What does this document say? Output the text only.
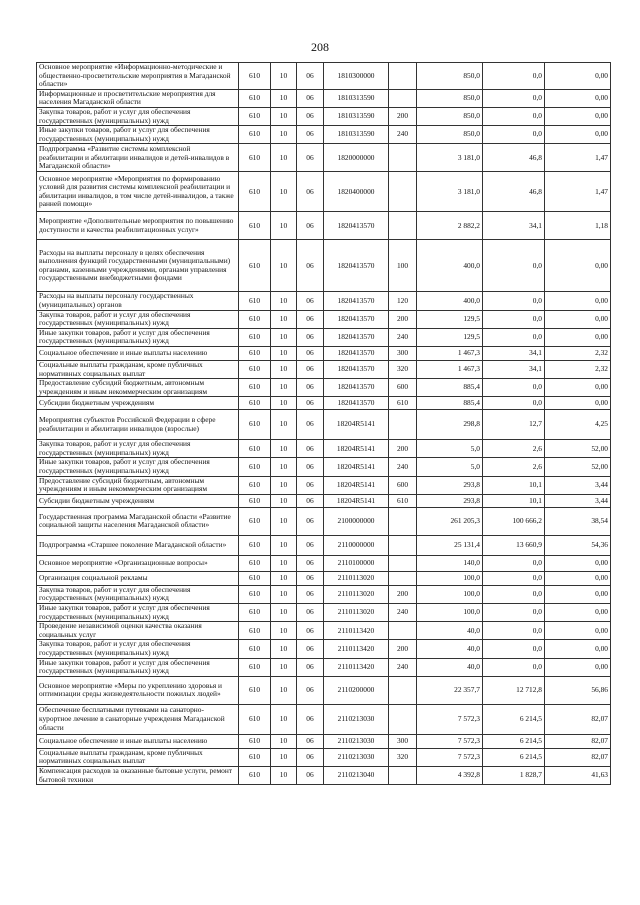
208
Основное мероприятие «Информационно-методические и общественно-просветительские мероприятия в Магаданской области»	610	10	06	1810300000		850,0	0,0	0,00
Информационные и просветительские мероприятия для населения Магаданской области	610	10	06	1810313590		850,0	0,0	0,00
Закупка товаров, работ и услуг для обеспечения государственных (муниципальных) нужд	610	10	06	1810313590	200	850,0	0,0	0,00
Иные закупки товаров, работ и услуг для обеспечения государственных (муниципальных) нужд	610	10	06	1810313590	240	850,0	0,0	0,00
Подпрограмма «Развитие системы комплексной реабилитации и абилитации инвалидов и детей-инвалидов в Магаданской области»	610	10	06	1820000000		3 181,0	46,8	1,47
Основное мероприятие «Мероприятия по формированию условий для развития системы комплексной реабилитации и абилитации инвалидов, в том числе детей-инвалидов, а также ранней помощи»	610	10	06	1820400000		3 181,0	46,8	1,47
Мероприятие «Дополнительные мероприятия по повышению доступности и качества реабилитационных услуг»	610	10	06	1820413570		2 882,2	34,1	1,18
Расходы на выплаты персоналу в целях обеспечения выполнения функций государственными (муниципальными) органами, казенными учреждениями, органами управления государственными внебюджетными фондами	610	10	06	1820413570	100	400,0	0,0	0,00
Расходы на выплаты персоналу государственных (муниципальных) органов	610	10	06	1820413570	120	400,0	0,0	0,00
Закупка товаров, работ и услуг для обеспечения государственных (муниципальных) нужд	610	10	06	1820413570	200	129,5	0,0	0,00
Иные закупки товаров, работ и услуг для обеспечения государственных (муниципальных) нужд	610	10	06	1820413570	240	129,5	0,0	0,00
Социальное обеспечение и иные выплаты населению	610	10	06	1820413570	300	1 467,3	34,1	2,32
Социальные выплаты гражданам, кроме публичных нормативных социальных выплат	610	10	06	1820413570	320	1 467,3	34,1	2,32
Предоставление субсидий бюджетным, автономным учреждениям и иным некоммерческим организациям	610	10	06	1820413570	600	885,4	0,0	0,00
Субсидии бюджетным учреждениям	610	10	06	1820413570	610	885,4	0,0	0,00
Мероприятия субъектов Российской Федерации в сфере реабилитации и абилитации инвалидов (взрослые)	610	10	06	18204R5141		298,8	12,7	4,25
Закупка товаров, работ и услуг для обеспечения государственных (муниципальных) нужд	610	10	06	18204R5141	200	5,0	2,6	52,00
Иные закупки товаров, работ и услуг для обеспечения государственных (муниципальных) нужд	610	10	06	18204R5141	240	5,0	2,6	52,00
Предоставление субсидий бюджетным, автономным учреждениям и иным некоммерческим организациям	610	10	06	18204R5141	600	293,8	10,1	3,44
Субсидии бюджетным учреждениям	610	10	06	18204R5141	610	293,8	10,1	3,44
Государственная программа Магаданской области «Развитие социальной защиты населения Магаданской области»	610	10	06	2100000000		261 205,3	100 666,2	38,54
Подпрограмма «Старшее поколение Магаданской области»	610	10	06	2110000000		25 131,4	13 660,9	54,36
Основное мероприятие «Организационные вопросы»	610	10	06	2110100000		140,0	0,0	0,00
Организация социальной рекламы	610	10	06	2110113020		100,0	0,0	0,00
Закупка товаров, работ и услуг для обеспечения государственных (муниципальных) нужд	610	10	06	2110113020	200	100,0	0,0	0,00
Иные закупки товаров, работ и услуг для обеспечения государственных (муниципальных) нужд	610	10	06	2110113020	240	100,0	0,0	0,00
Проведение независимой оценки качества оказания социальных услуг	610	10	06	2110113420		40,0	0,0	0,00
Закупка товаров, работ и услуг для обеспечения государственных (муниципальных) нужд	610	10	06	2110113420	200	40,0	0,0	0,00
Иные закупки товаров, работ и услуг для обеспечения государственных (муниципальных) нужд	610	10	06	2110113420	240	40,0	0,0	0,00
Основное мероприятие «Меры по укреплению здоровья и оптимизации среды жизнедеятельности пожилых людей»	610	10	06	2110200000		22 357,7	12 712,8	56,86
Обеспечение бесплатными путевками на санаторно-курортное лечение в санаторные учреждения Магаданской области	610	10	06	2110213030		7 572,3	6 214,5	82,07
Социальное обеспечение и иные выплаты населению	610	10	06	2110213030	300	7 572,3	6 214,5	82,07
Социальные выплаты гражданам, кроме публичных нормативных социальных выплат	610	10	06	2110213030	320	7 572,3	6 214,5	82,07
Компенсация расходов за оказанные бытовые услуги, ремонт бытовой техники	610	10	06	2110213040		4 392,8	1 828,7	41,63
